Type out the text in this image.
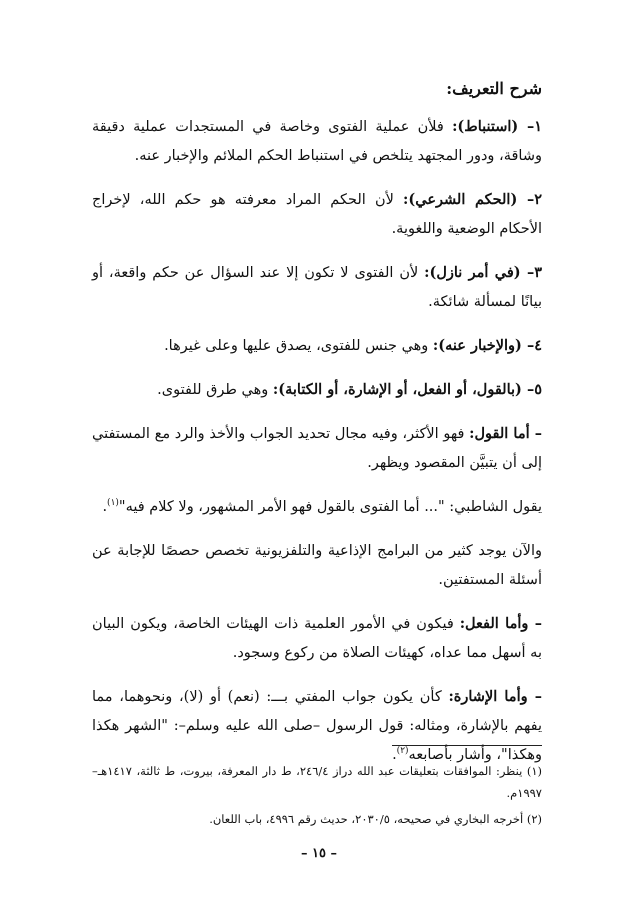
شرح التعريف:

١– (استنباط): فلأن عملية الفتوى وخاصة في المستجدات عملية دقيقة وشاقة، ودور المجتهد يتلخص في استنباط الحكم الملائم والإخبار عنه.

٢– (الحكم الشرعي): لأن الحكم المراد معرفته هو حكم الله، لإخراج الأحكام الوضعية واللغوية.

٣– (في أمر نازل): لأن الفتوى لا تكون إلا عند السؤال عن حكم واقعة، أو بيانًا لمسألة شائكة.

٤– (والإخبار عنه): وهي جنس للفتوى، يصدق عليها وعلى غيرها.

٥– (بالقول، أو الفعل، أو الإشارة، أو الكتابة): وهي طرق للفتوى.

– أما القول: فهو الأكثر، وفيه مجال تحديد الجواب والأخذ والرد مع المستفتي إلى أن يتبيَّن المقصود ويظهر.

يقول الشاطبي: "... أما الفتوى بالقول فهو الأمر المشهور، ولا كلام فيه"$^{(١)}$.

والآن يوجد كثير من البرامج الإذاعية والتلفزيونية تخصص حصصًا للإجابة عن أسئلة المستفتين.

– وأما الفعل: فيكون في الأمور العلمية ذات الهيئات الخاصة، ويكون البيان به أسهل مما عداه، كهيئات الصلاة من ركوع وسجود.

– وأما الإشارة: كأن يكون جواب المفتي بـــ: (نعم) أو (لا)، ونحوهما، مما يفهم بالإشارة، ومثاله: قول الرسول –صلى الله عليه وسلم–: "الشهر هكذا وهكذا"، وأشار بأصابعه$^{(٢)}$.

(١) ينظر: الموافقات بتعليقات عبد الله دراز ٢٤٦/٤، ط دار المعرفة، بيروت، ط ثالثة، ١٤١٧هـ–١٩٩٧م.

(٢) أخرجه البخاري في صحيحه، ٢٠٣٠/٥، حديث رقم ٤٩٩٦، باب اللعان.

– ١٥ –
